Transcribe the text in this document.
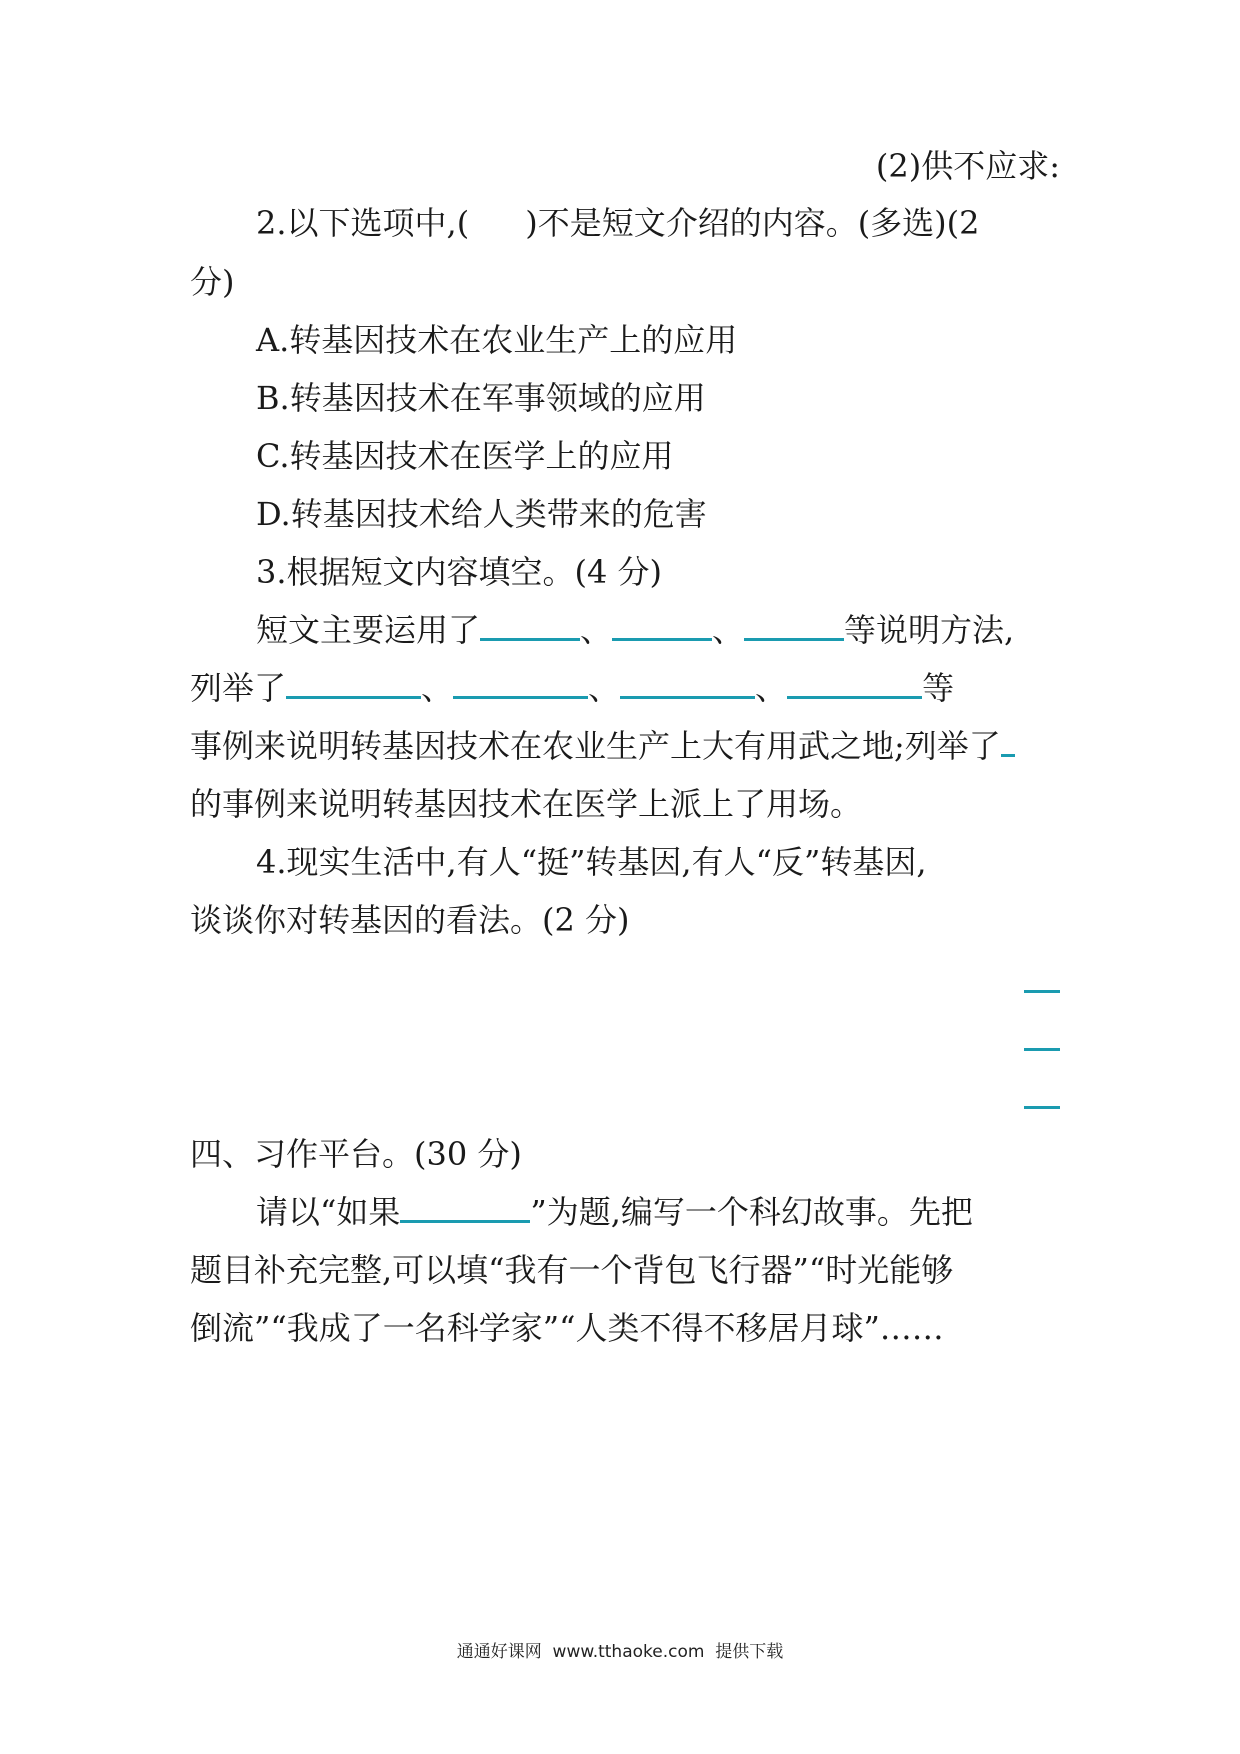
(2)供不应求:
2.以下选项中,( )不是短文介绍的内容。(多选)(2
分)
A.转基因技术在农业生产上的应用
B.转基因技术在军事领域的应用
C.转基因技术在医学上的应用
D.转基因技术给人类带来的危害
3.根据短文内容填空。(4 分)
短文主要运用了	、	、	等说明方法,
列举了	、	、	、	等
事例来说明转基因技术在农业生产上大有用武之地;列举了
的事例来说明转基因技术在医学上派上了用场。
4.现实生活中,有人“挺”转基因,有人“反”转基因,
谈谈你对转基因的看法。(2 分)
四、习作平台。(30 分)
请以“如果	”为题,编写一个科幻故事。先把
题目补充完整,可以填“我有一个背包飞行器”“时光能够
倒流”“我成了一名科学家”“人类不得不移居月球”……
通通好课网  www.tthaoke.com  提供下载
